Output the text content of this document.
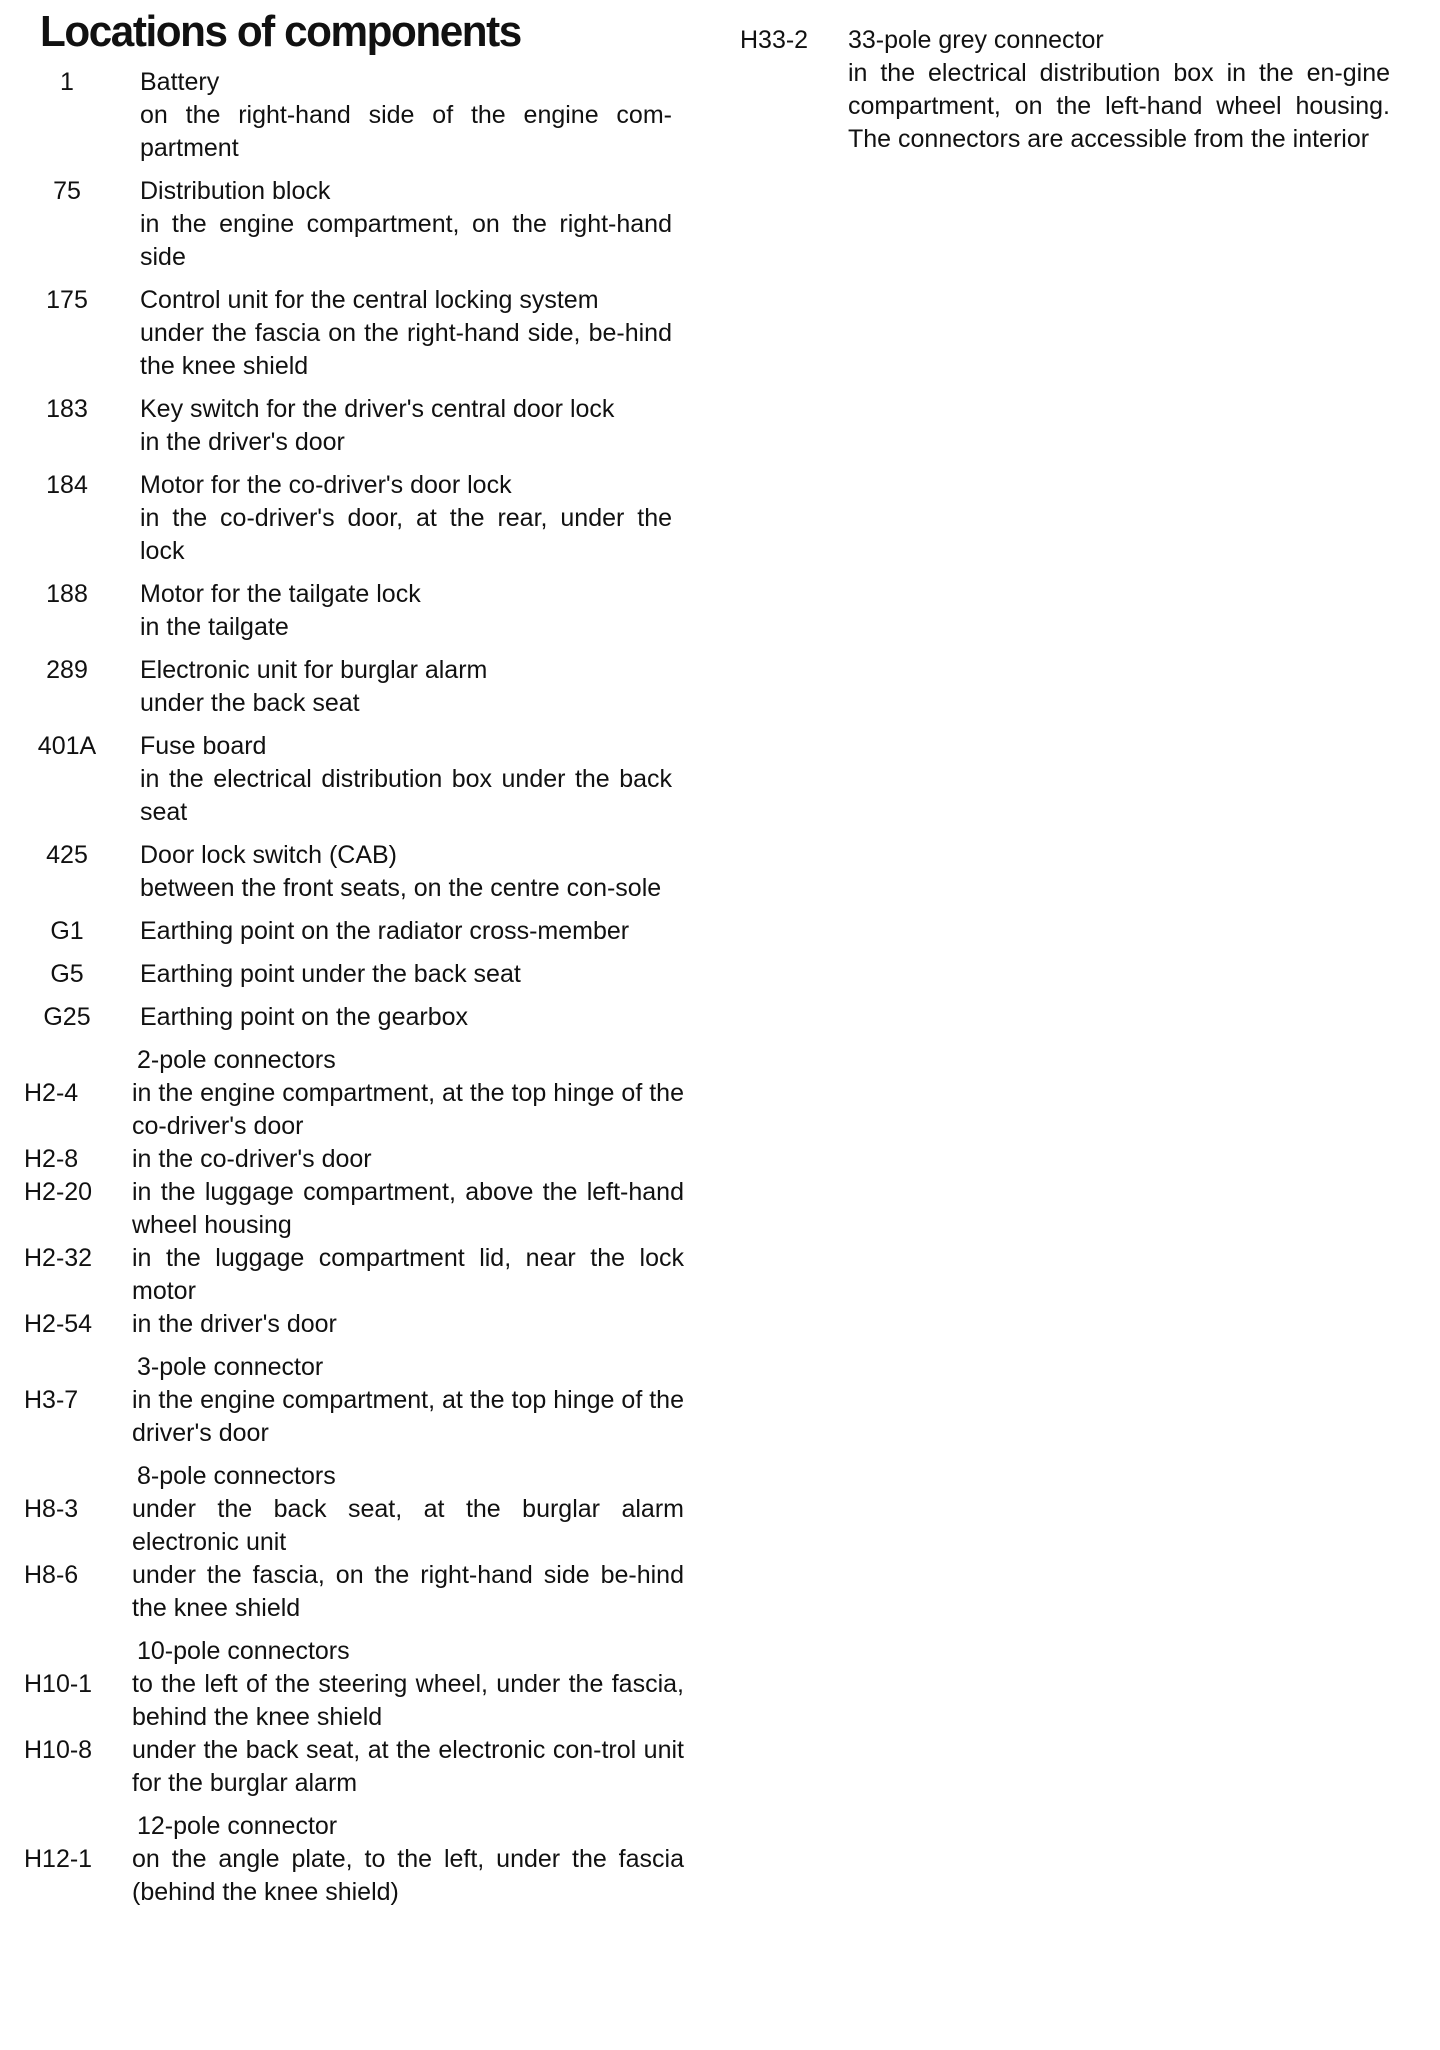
Locations of components
1	Battery
on the right-hand side of the engine com-partment
75	Distribution block
in the engine compartment, on the right-hand side
175	Control unit for the central locking system
under the fascia on the right-hand side, be-hind the knee shield
183	Key switch for the driver's central door lock
in the driver's door
184	Motor for the co-driver's door lock
in the co-driver's door, at the rear, under the lock
188	Motor for the tailgate lock
in the tailgate
289	Electronic unit for burglar alarm
under the back seat
401A	Fuse board
in the electrical distribution box under the back seat
425	Door lock switch (CAB)
between the front seats, on the centre con-sole
G1	Earthing point on the radiator cross-member
G5	Earthing point under the back seat
G25	Earthing point on the gearbox
2-pole connectors
H2-4	in the engine compartment, at the top hinge of the co-driver's door
H2-8	in the co-driver's door
H2-20	in the luggage compartment, above the left-hand wheel housing
H2-32	in the luggage compartment lid, near the lock motor
H2-54	in the driver's door
3-pole connector
H3-7	in the engine compartment, at the top hinge of the driver's door
8-pole connectors
H8-3	under the back seat, at the burglar alarm electronic unit
H8-6	under the fascia, on the right-hand side be-hind the knee shield
10-pole connectors
H10-1	to the left of the steering wheel, under the fascia, behind the knee shield
H10-8	under the back seat, at the electronic con-trol unit for the burglar alarm
12-pole connector
H12-1	on the angle plate, to the left, under the fascia (behind the knee shield)
H33-2	33-pole grey connector
in the electrical distribution box in the en-gine compartment, on the left-hand wheel housing. The connectors are accessible from the interior
